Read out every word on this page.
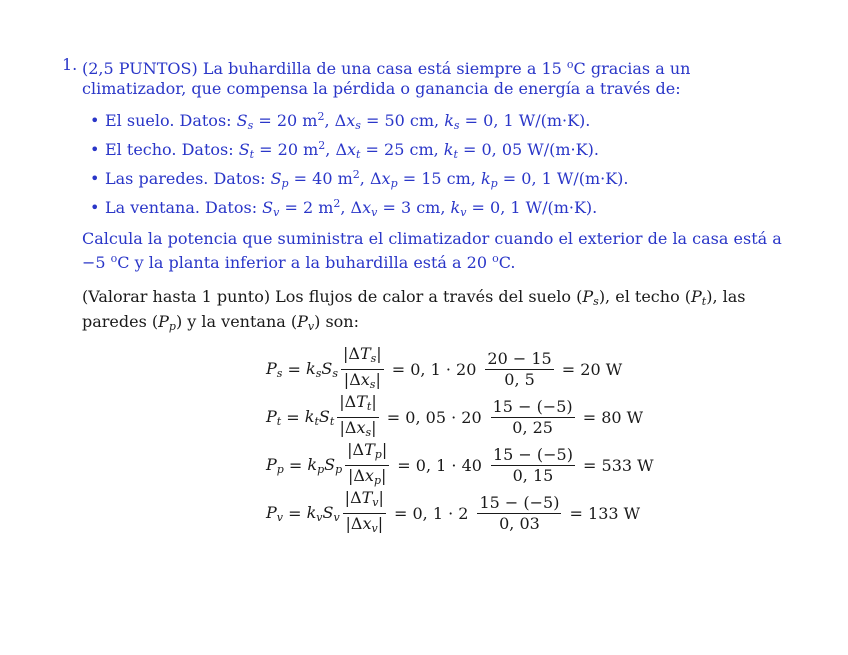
1. (2,5 PUNTOS) La buhardilla de una casa está siempre a 15 $^o$C gracias a un climatizador, que compensa la pérdida o ganancia de energía a través de:
• El suelo. Datos: $S_s = 20$ $m^2$, $\Delta x_s = 50$ cm, $k_s = 0$, 1 W/(m·K).
• El techo. Datos: $S_t = 20$ $m^2$, $\Delta x_t = 25$ cm, $k_t = 0$, 05 W/(m·K).
• Las paredes. Datos: $S_p = 40$ $m^2$, $\Delta x_p = 15$ cm, $k_p = 0$, 1 W/(m·K).
• La ventana. Datos: $S_v = 2$ $m^2$, $\Delta x_v = 3$ cm, $k_v = 0$, 1 W/(m·K).
Calcula la potencia que suministra el climatizador cuando el exterior de la casa está a −5 $^o$C y la planta inferior a la buhardilla está a 20 $^o$C.
(Valorar hasta 1 punto) Los flujos de calor a través del suelo $(P_s)$, el techo $(P_t)$, las paredes $(P_p)$ y la ventana $(P_v)$ son:
$P_s = k_sS_s \frac{|\Delta T_s|}{|\Delta x_s|} = 0$, $1 \cdot 20 \frac{20 - 15}{0, 5} = 20$ W
$P_t = k_tS_t \frac{|\Delta T_t|}{|\Delta x_s|} = 0$, $05 \cdot 20 \frac{15 - (-5)}{0, 25} = 80$ W
$P_p = k_pS_p \frac{|\Delta T_p|}{|\Delta x_p|} = 0$, $1 \cdot 40 \frac{15 - (-5)}{0, 15} = 533$ W
$P_v = k_vS_v \frac{|\Delta T_v|}{|\Delta x_v|} = 0$, $1 \cdot 2 \frac{15 - (-5)}{0, 03} = 133$ W
